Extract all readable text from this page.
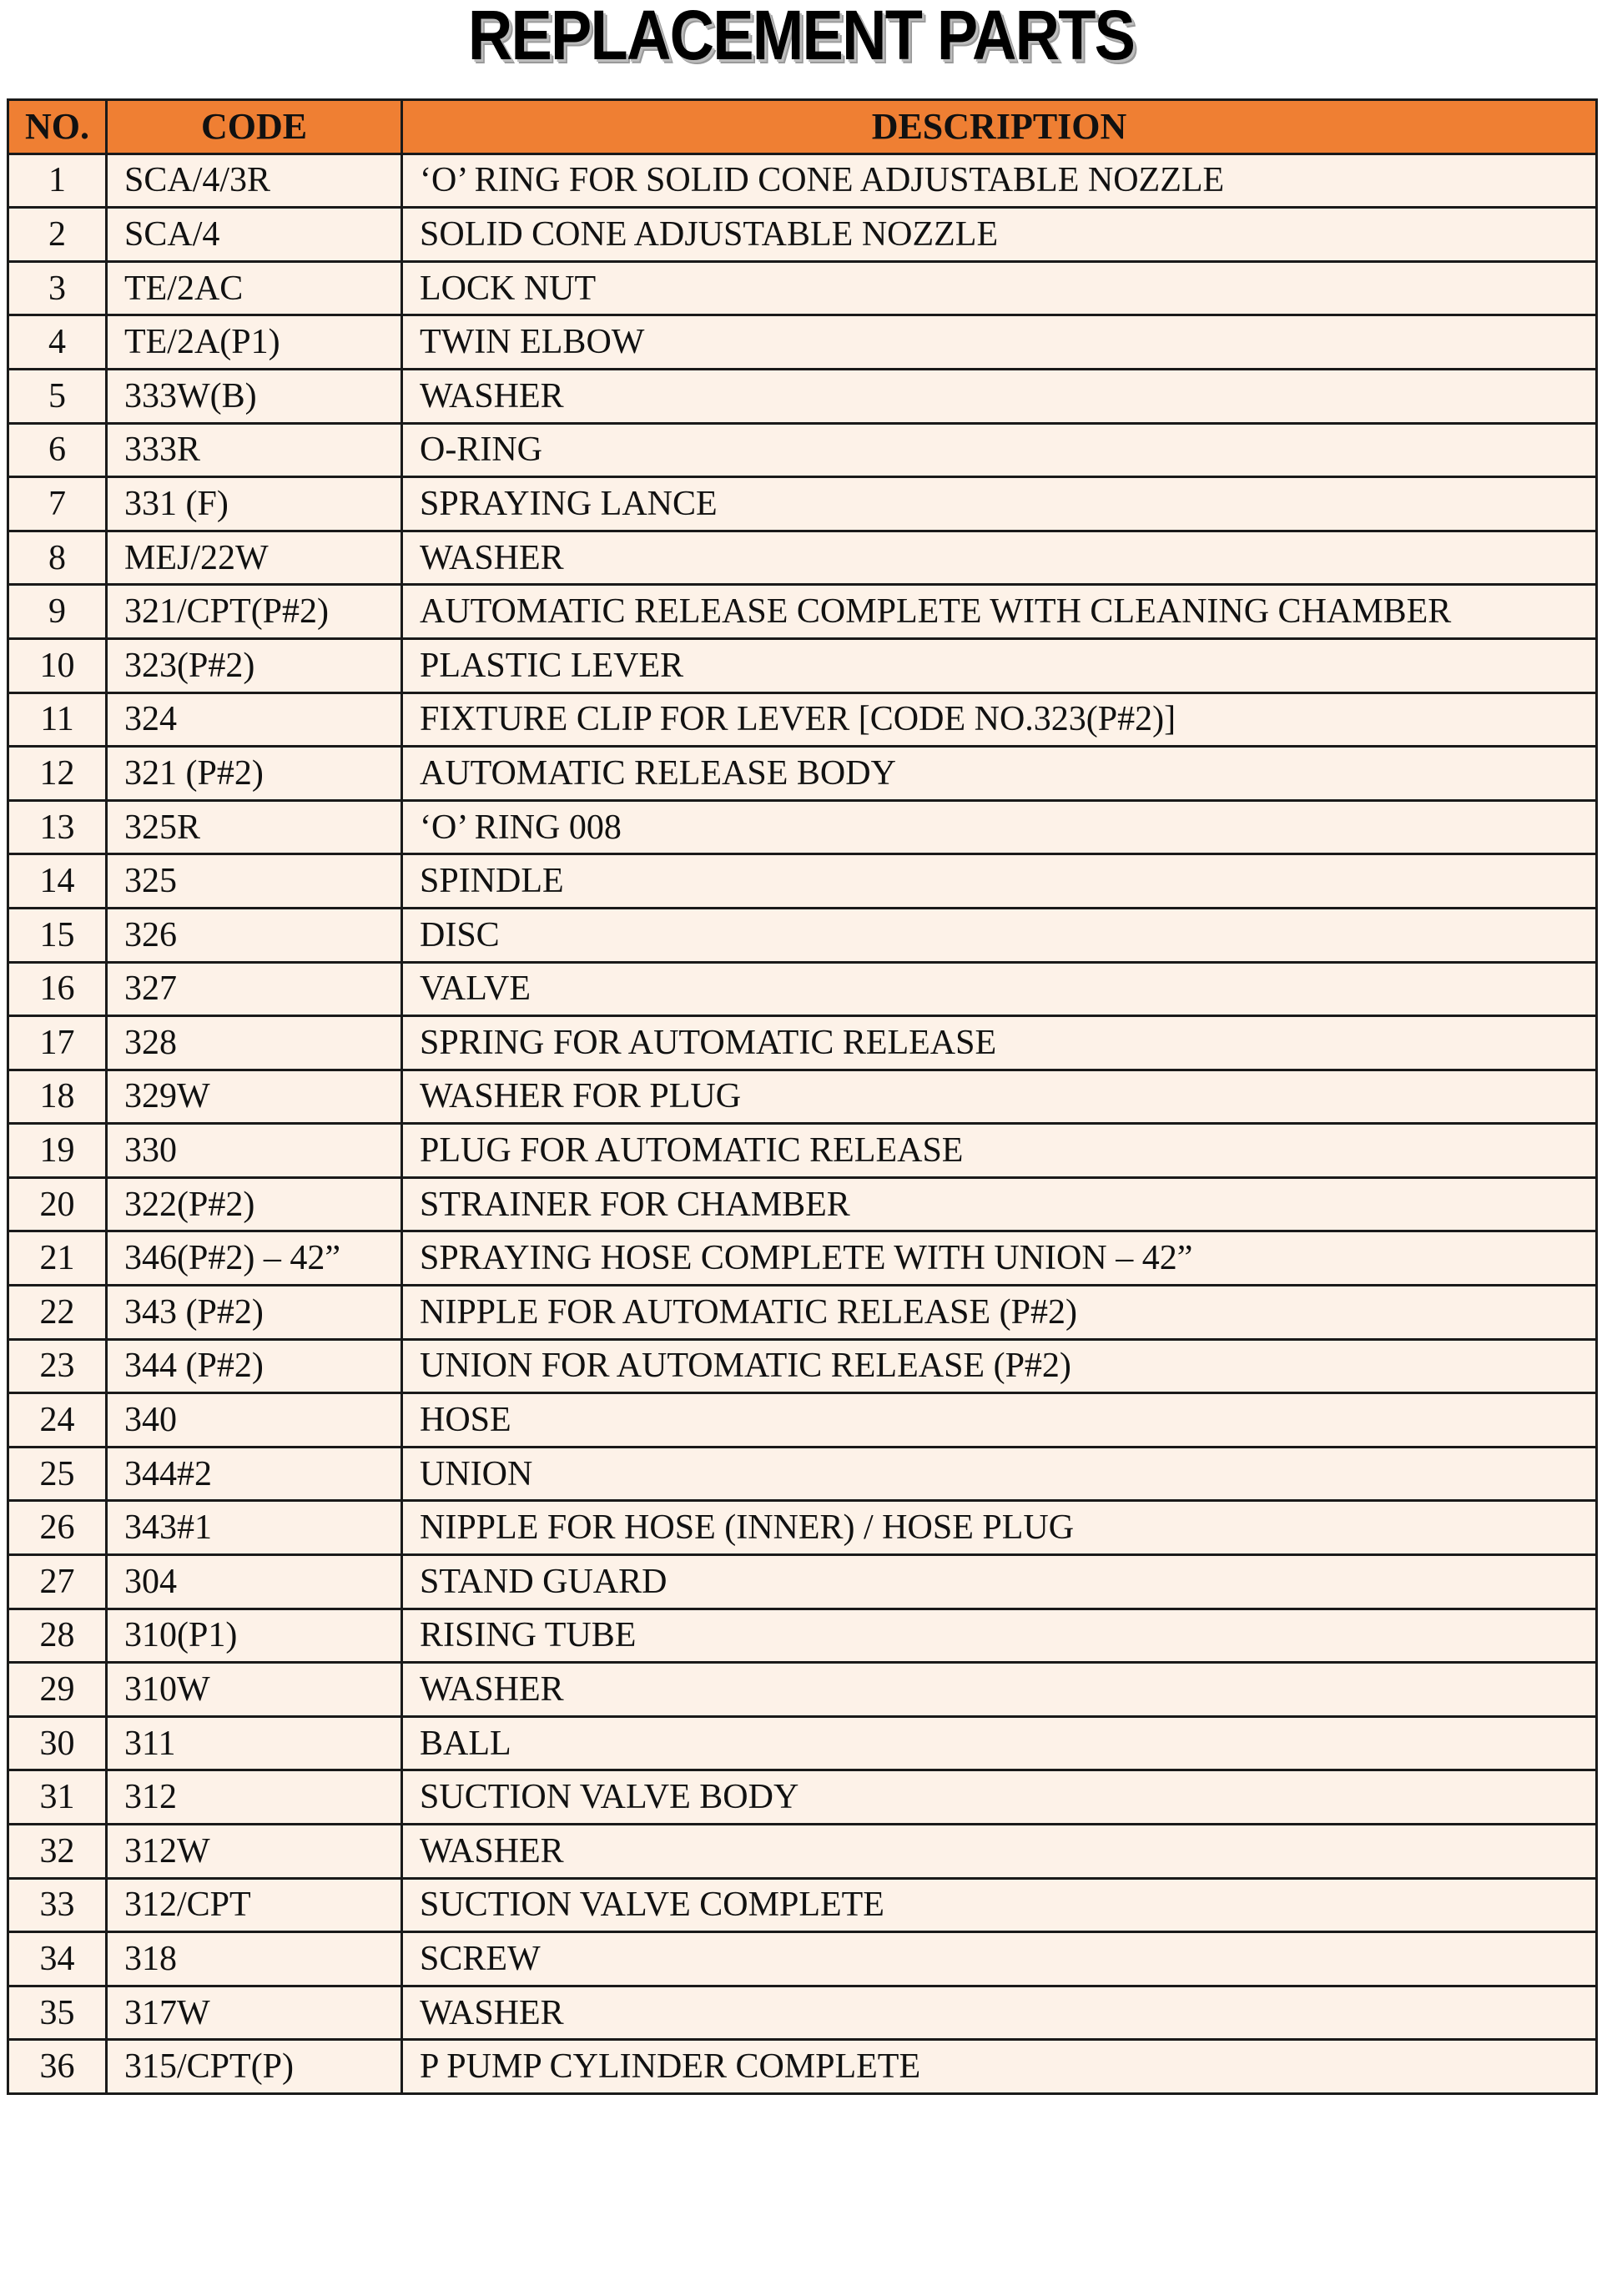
REPLACEMENT PARTS
NO.	CODE	DESCRIPTION
1	SCA/4/3R	‘O’ RING FOR SOLID CONE ADJUSTABLE NOZZLE
2	SCA/4	SOLID CONE ADJUSTABLE NOZZLE
3	TE/2AC	LOCK NUT
4	TE/2A(P1)	TWIN ELBOW
5	333W(B)	WASHER
6	333R	O-RING
7	331 (F)	SPRAYING LANCE
8	MEJ/22W	WASHER
9	321/CPT(P#2)	AUTOMATIC RELEASE COMPLETE WITH CLEANING CHAMBER
10	323(P#2)	PLASTIC LEVER
11	324	FIXTURE CLIP FOR LEVER [CODE NO.323(P#2)]
12	321 (P#2)	AUTOMATIC RELEASE BODY
13	325R	‘O’ RING 008
14	325	SPINDLE
15	326	DISC
16	327	VALVE
17	328	SPRING FOR AUTOMATIC RELEASE
18	329W	WASHER FOR PLUG
19	330	PLUG FOR AUTOMATIC RELEASE
20	322(P#2)	STRAINER FOR CHAMBER
21	346(P#2) – 42”	SPRAYING HOSE COMPLETE WITH UNION – 42”
22	343 (P#2)	NIPPLE FOR AUTOMATIC RELEASE (P#2)
23	344 (P#2)	UNION FOR AUTOMATIC RELEASE (P#2)
24	340	HOSE
25	344#2	UNION
26	343#1	NIPPLE FOR HOSE (INNER) / HOSE PLUG
27	304	STAND GUARD
28	310(P1)	RISING TUBE
29	310W	WASHER
30	311	BALL
31	312	SUCTION VALVE BODY
32	312W	WASHER
33	312/CPT	SUCTION VALVE COMPLETE
34	318	SCREW
35	317W	WASHER
36	315/CPT(P)	P PUMP CYLINDER COMPLETE
